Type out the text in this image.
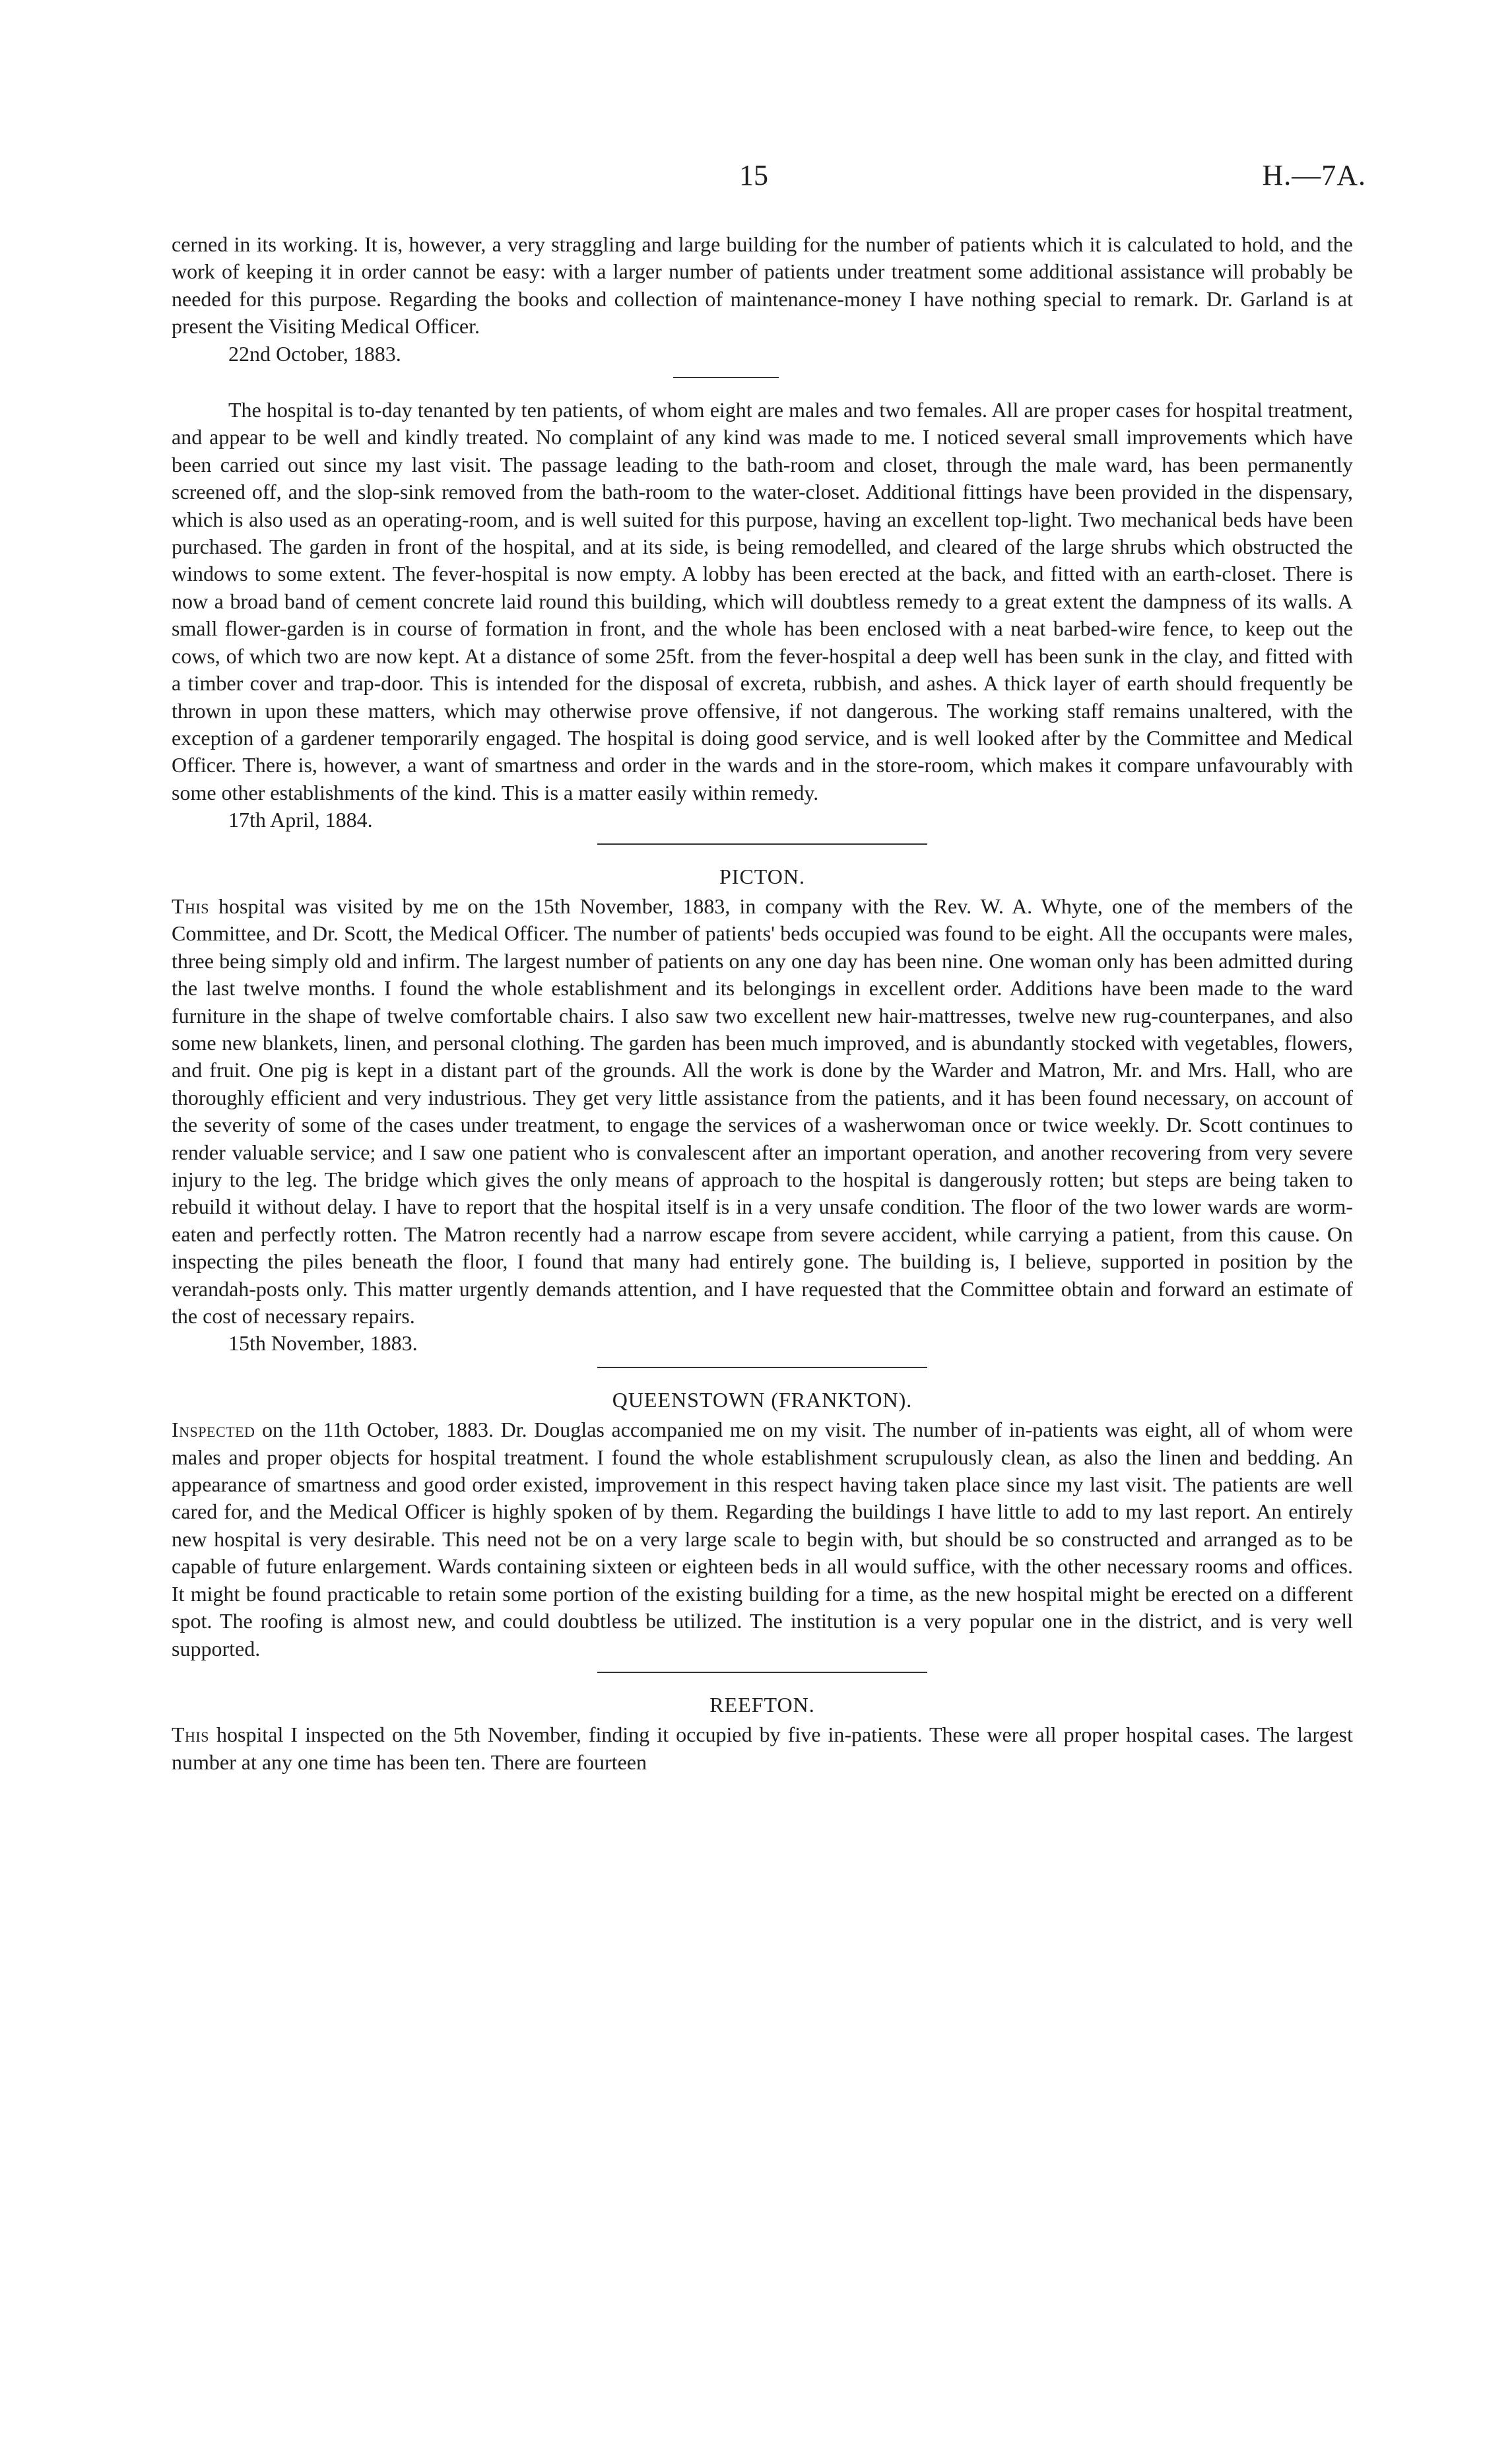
15	H.—7A.

cerned in its working. It is, however, a very straggling and large building for the number of patients which it is calculated to hold, and the work of keeping it in order cannot be easy: with a larger number of patients under treatment some additional assistance will probably be needed for this purpose. Regarding the books and collection of maintenance-money I have nothing special to remark. Dr. Garland is at present the Visiting Medical Officer.

22nd October, 1883.

The hospital is to-day tenanted by ten patients, of whom eight are males and two females. All are proper cases for hospital treatment, and appear to be well and kindly treated. No complaint of any kind was made to me. I noticed several small improvements which have been carried out since my last visit. The passage leading to the bath-room and closet, through the male ward, has been permanently screened off, and the slop-sink removed from the bath-room to the water-closet. Additional fittings have been provided in the dispensary, which is also used as an operating-room, and is well suited for this purpose, having an excellent top-light. Two mechanical beds have been purchased. The garden in front of the hospital, and at its side, is being remodelled, and cleared of the large shrubs which obstructed the windows to some extent. The fever-hospital is now empty. A lobby has been erected at the back, and fitted with an earth-closet. There is now a broad band of cement concrete laid round this building, which will doubtless remedy to a great extent the dampness of its walls. A small flower-garden is in course of formation in front, and the whole has been enclosed with a neat barbed-wire fence, to keep out the cows, of which two are now kept. At a distance of some 25ft. from the fever-hospital a deep well has been sunk in the clay, and fitted with a timber cover and trap-door. This is intended for the disposal of excreta, rubbish, and ashes. A thick layer of earth should frequently be thrown in upon these matters, which may otherwise prove offensive, if not dangerous. The working staff remains unaltered, with the exception of a gardener temporarily engaged. The hospital is doing good service, and is well looked after by the Committee and Medical Officer. There is, however, a want of smartness and order in the wards and in the store-room, which makes it compare unfavourably with some other establishments of the kind. This is a matter easily within remedy.

17th April, 1884.
PICTON.

This hospital was visited by me on the 15th November, 1883, in company with the Rev. W. A. Whyte, one of the members of the Committee, and Dr. Scott, the Medical Officer. The number of patients' beds occupied was found to be eight. All the occupants were males, three being simply old and infirm. The largest number of patients on any one day has been nine. One woman only has been admitted during the last twelve months. I found the whole establishment and its belongings in excellent order. Additions have been made to the ward furniture in the shape of twelve comfortable chairs. I also saw two excellent new hair-mattresses, twelve new rug-counterpanes, and also some new blankets, linen, and personal clothing. The garden has been much improved, and is abundantly stocked with vegetables, flowers, and fruit. One pig is kept in a distant part of the grounds. All the work is done by the Warder and Matron, Mr. and Mrs. Hall, who are thoroughly efficient and very industrious. They get very little assistance from the patients, and it has been found necessary, on account of the severity of some of the cases under treatment, to engage the services of a washerwoman once or twice weekly. Dr. Scott continues to render valuable service; and I saw one patient who is convalescent after an important operation, and another recovering from very severe injury to the leg. The bridge which gives the only means of approach to the hospital is dangerously rotten; but steps are being taken to rebuild it without delay. I have to report that the hospital itself is in a very unsafe condition. The floor of the two lower wards are worm-eaten and perfectly rotten. The Matron recently had a narrow escape from severe accident, while carrying a patient, from this cause. On inspecting the piles beneath the floor, I found that many had entirely gone. The building is, I believe, supported in position by the verandah-posts only. This matter urgently demands attention, and I have requested that the Committee obtain and forward an estimate of the cost of necessary repairs.

15th November, 1883.
QUEENSTOWN (FRANKTON).

Inspected on the 11th October, 1883. Dr. Douglas accompanied me on my visit. The number of in-patients was eight, all of whom were males and proper objects for hospital treatment. I found the whole establishment scrupulously clean, as also the linen and bedding. An appearance of smartness and good order existed, improvement in this respect having taken place since my last visit. The patients are well cared for, and the Medical Officer is highly spoken of by them. Regarding the buildings I have little to add to my last report. An entirely new hospital is very desirable. This need not be on a very large scale to begin with, but should be so constructed and arranged as to be capable of future enlargement. Wards containing sixteen or eighteen beds in all would suffice, with the other necessary rooms and offices. It might be found practicable to retain some portion of the existing building for a time, as the new hospital might be erected on a different spot. The roofing is almost new, and could doubtless be utilized. The institution is a very popular one in the district, and is very well supported.

REEFTON.

This hospital I inspected on the 5th November, finding it occupied by five in-patients. These were all proper hospital cases. The largest number at any one time has been ten. There are fourteen
